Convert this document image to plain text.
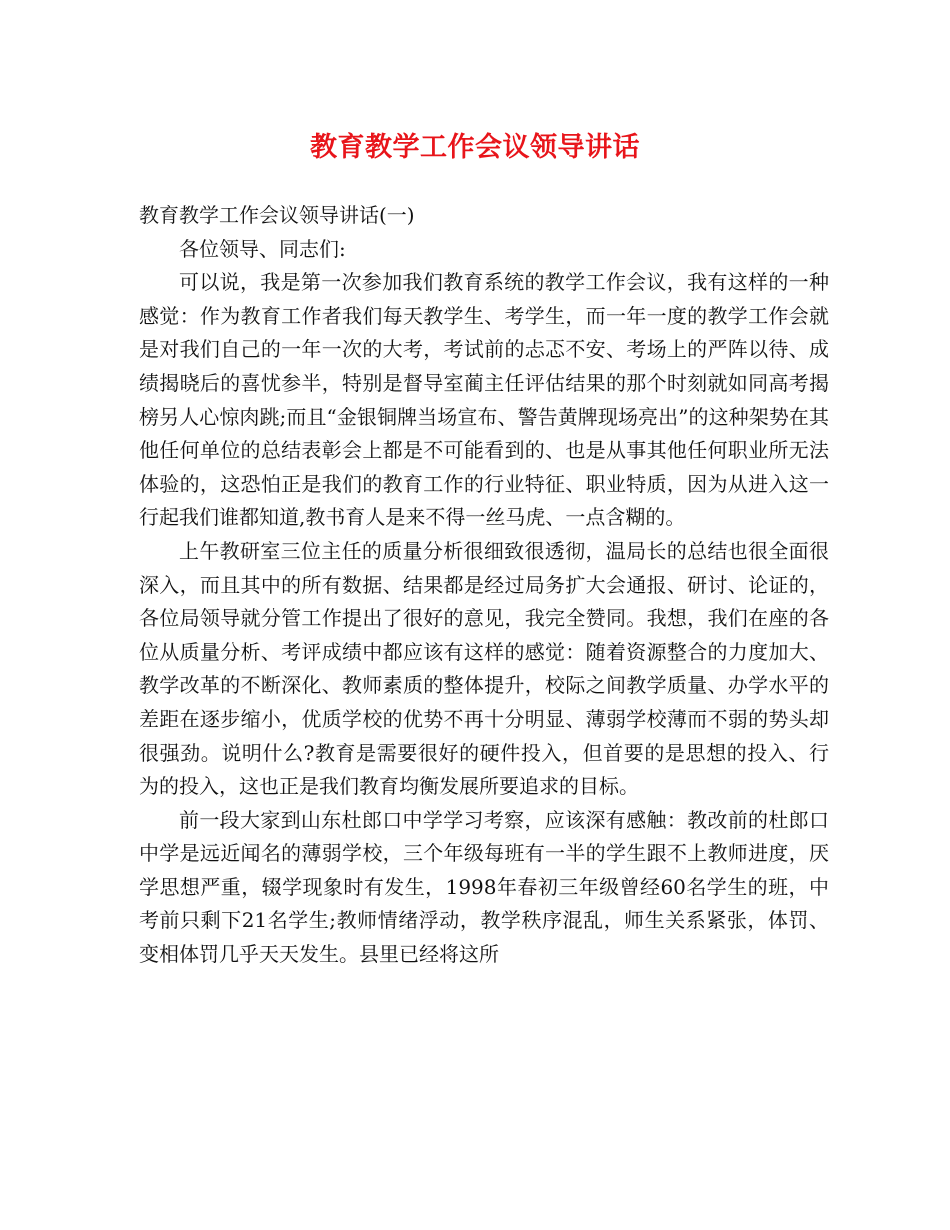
教育教学工作会议领导讲话

教育教学工作会议领导讲话(一)

各位领导、同志们:

可以说，我是第一次参加我们教育系统的教学工作会议，我有这样的一种感觉：作为教育工作者我们每天教学生、考学生，而一年一度的教学工作会就是对我们自己的一年一次的大考，考试前的忐忑不安、考场上的严阵以待、成绩揭晓后的喜忧参半，特别是督导室蔺主任评估结果的那个时刻就如同高考揭榜另人心惊肉跳;而且“金银铜牌当场宣布、警告黄牌现场亮出”的这种架势在其他任何单位的总结表彰会上都是不可能看到的、也是从事其他任何职业所无法体验的，这恐怕正是我们的教育工作的行业特征、职业特质，因为从进入这一行起我们谁都知道,教书育人是来不得一丝马虎、一点含糊的。

上午教研室三位主任的质量分析很细致很透彻，温局长的总结也很全面很深入，而且其中的所有数据、结果都是经过局务扩大会通报、研讨、论证的，各位局领导就分管工作提出了很好的意见，我完全赞同。我想，我们在座的各位从质量分析、考评成绩中都应该有这样的感觉：随着资源整合的力度加大、教学改革的不断深化、教师素质的整体提升，校际之间教学质量、办学水平的差距在逐步缩小，优质学校的优势不再十分明显、薄弱学校薄而不弱的势头却很强劲。说明什么?教育是需要很好的硬件投入，但首要的是思想的投入、行为的投入，这也正是我们教育均衡发展所要追求的目标。

前一段大家到山东杜郎口中学学习考察，应该深有感触：教改前的杜郎口中学是远近闻名的薄弱学校，三个年级每班有一半的学生跟不上教师进度，厌学思想严重，辍学现象时有发生，1998年春初三年级曾经60名学生的班，中考前只剩下21名学生;教师情绪浮动，教学秩序混乱，师生关系紧张，体罚、变相体罚几乎天天发生。县里已经将这所
